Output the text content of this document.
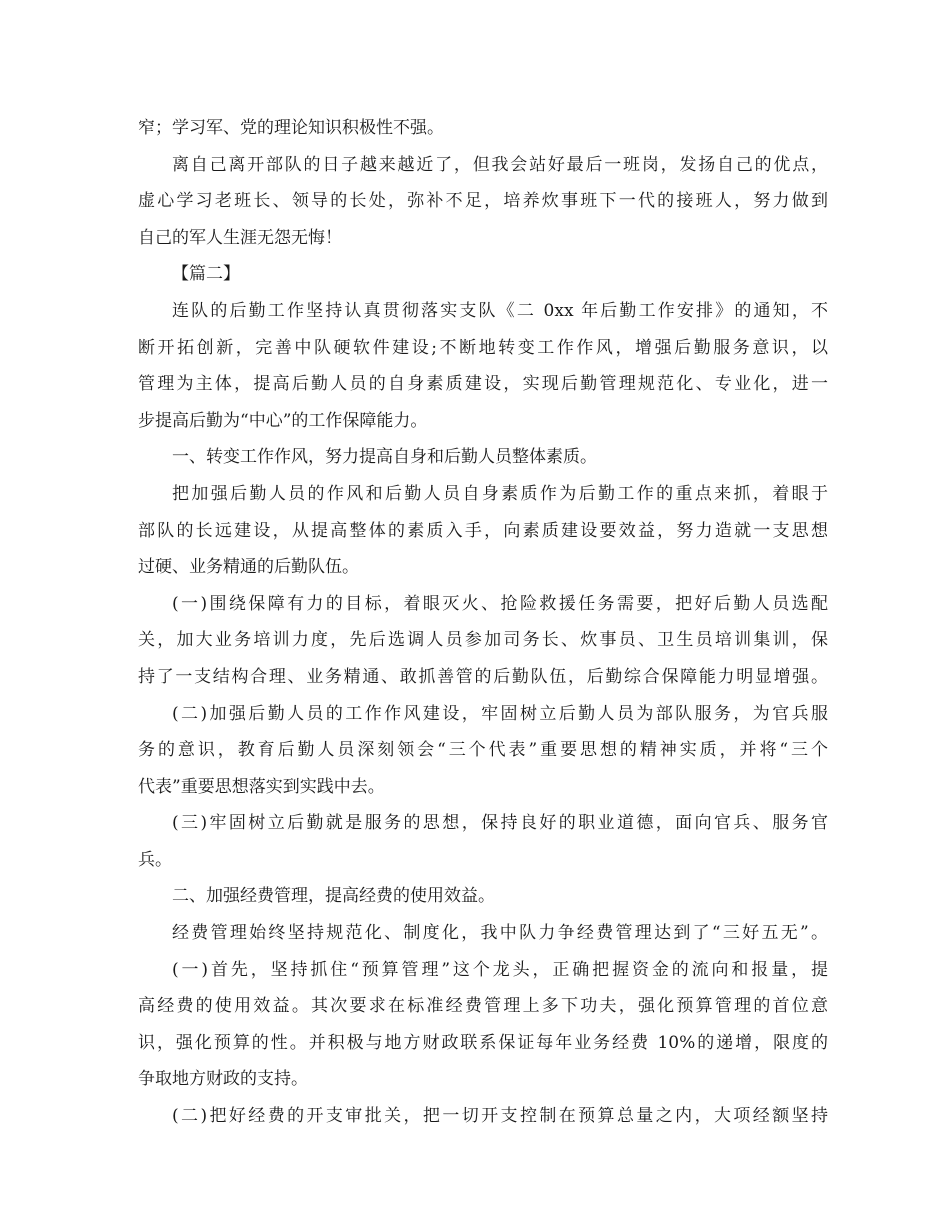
窄；学习军、党的理论知识积极性不强。
离自己离开部队的日子越来越近了，但我会站好最后一班岗，发扬自己的优点，
虚心学习老班长、领导的长处，弥补不足，培养炊事班下一代的接班人，努力做到
自己的军人生涯无怨无悔！
【篇二】
连队的后勤工作坚持认真贯彻落实支队《二 0xx 年后勤工作安排》的通知，不
断开拓创新，完善中队硬软件建设;不断地转变工作作风，增强后勤服务意识，以
管理为主体，提高后勤人员的自身素质建设，实现后勤管理规范化、专业化，进一
步提高后勤为“中心”的工作保障能力。
一、转变工作作风，努力提高自身和后勤人员整体素质。
把加强后勤人员的作风和后勤人员自身素质作为后勤工作的重点来抓，着眼于
部队的长远建设，从提高整体的素质入手，向素质建设要效益，努力造就一支思想
过硬、业务精通的后勤队伍。
(一)围绕保障有力的目标，着眼灭火、抢险救援任务需要，把好后勤人员选配
关，加大业务培训力度，先后选调人员参加司务长、炊事员、卫生员培训集训，保
持了一支结构合理、业务精通、敢抓善管的后勤队伍，后勤综合保障能力明显增强。
(二)加强后勤人员的工作作风建设，牢固树立后勤人员为部队服务，为官兵服
务的意识，教育后勤人员深刻领会“三个代表”重要思想的精神实质，并将“三个
代表”重要思想落实到实践中去。
(三)牢固树立后勤就是服务的思想，保持良好的职业道德，面向官兵、服务官
兵。
二、加强经费管理，提高经费的使用效益。
经费管理始终坚持规范化、制度化，我中队力争经费管理达到了“三好五无”。
(一)首先，坚持抓住“预算管理”这个龙头，正确把握资金的流向和报量，提
高经费的使用效益。其次要求在标准经费管理上多下功夫，强化预算管理的首位意
识，强化预算的性。并积极与地方财政联系保证每年业务经费 10%的递增，限度的
争取地方财政的支持。
(二)把好经费的开支审批关，把一切开支控制在预算总量之内，大项经额坚持
